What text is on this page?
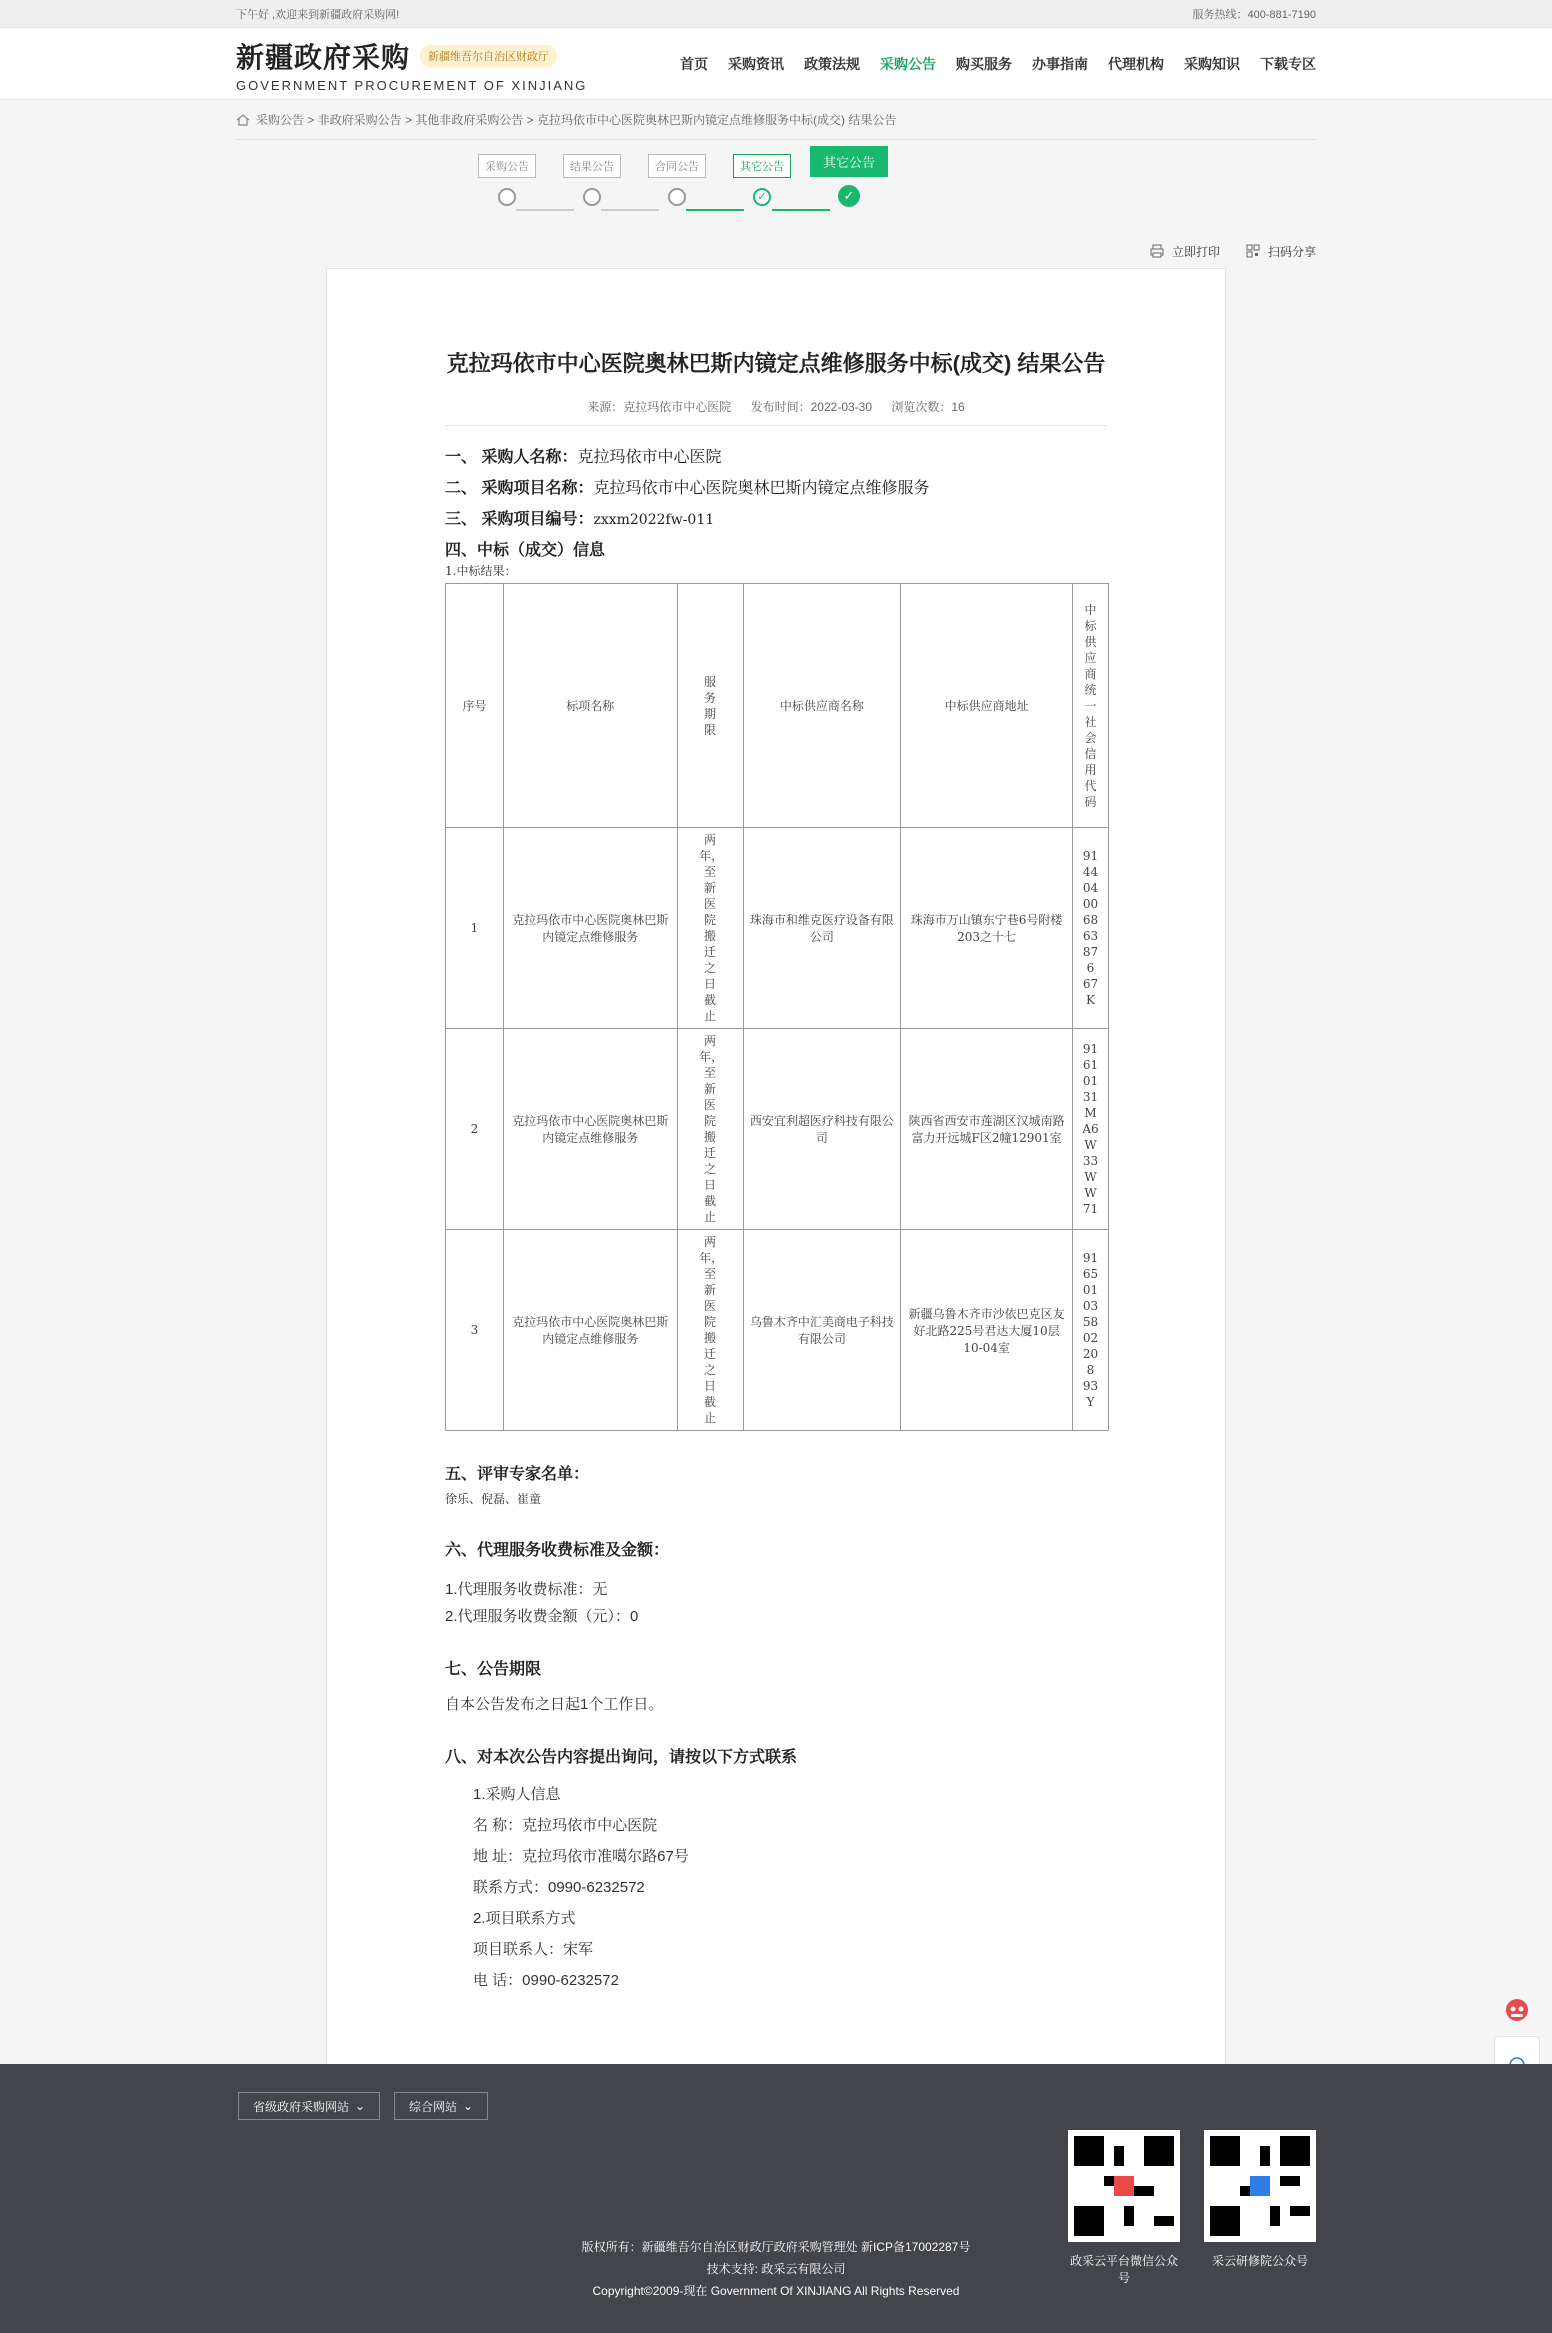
下午好 ,欢迎来到新疆政府采购网!	服务热线：400-881-7190
新疆政府采购	新疆维吾尔自治区财政厅
GOVERNMENT PROCUREMENT OF XINJIANG
首页 采购资讯 政策法规 采购公告 购买服务 办事指南 代理机构 采购知识 下载专区
采购公告 > 非政府采购公告 > 其他非政府采购公告 > 克拉玛依市中心医院奥林巴斯内镜定点维修服务中标(成交) 结果公告
采购公告	结果公告	合同公告	其它公告
✓
其它公告
✓
立即打印	扫码分享
克拉玛依市中心医院奥林巴斯内镜定点维修服务中标(成交) 结果公告
来源：克拉玛依市中心医院 发布时间：2022-03-30 浏览次数：16
一、 采购人名称：克拉玛依市中心医院
二、 采购项目名称：克拉玛依市中心医院奥林巴斯内镜定点维修服务
三、 采购项目编号：zxxm2022fw-011
四、中标（成交）信息
1.中标结果：
序号	标项名称	服务期限	中标供应商名称	中标供应商地址	中标供应商统一社会信用代码

1	克拉玛依市中心医院奥林巴斯内镜定点维修服务	两年，至新医院搬迁之日截止	珠海市和维克医疗设备有限公司	珠海市万山镇东宁巷6号附楼203之十七	914404006863876 67K

2	克拉玛依市中心医院奥林巴斯内镜定点维修服务	两年，至新医院搬迁之日截止	西安宜利超医疗科技有限公司	陕西省西安市莲湖区汉城南路富力开远城F区2幢12901室	916101 31MA6W33WW71

3	克拉玛依市中心医院奥林巴斯内镜定点维修服务	两年，至新医院搬迁之日截止	乌鲁木齐中汇美商电子科技有限公司	新疆乌鲁木齐市沙依巴克区友好北路225号君达大厦10层10-04室	916501035802208 93Y
五、评审专家名单：
徐乐、倪磊、崔童
六、代理服务收费标准及金额：
1.代理服务收费标准：无
2.代理服务收费金额（元）：0
七、公告期限
自本公告发布之日起1个工作日。
八、对本次公告内容提出询问，请按以下方式联系
1.采购人信息
名 称：克拉玛依市中心医院
地 址：克拉玛依市准噶尔路67号
联系方式：0990-6232572
2.项目联系方式
项目联系人：宋军
电 话：0990-6232572
省级政府采购网站 ⌄	综合网站 ⌄
政采云平台微信公众号
采云研修院公众号
版权所有：新疆维吾尔自治区财政厅政府采购管理处 新ICP备17002287号
技术支持: 政采云有限公司
Copyright©2009-现在 Government Of XINJIANG All Rights Reserved
